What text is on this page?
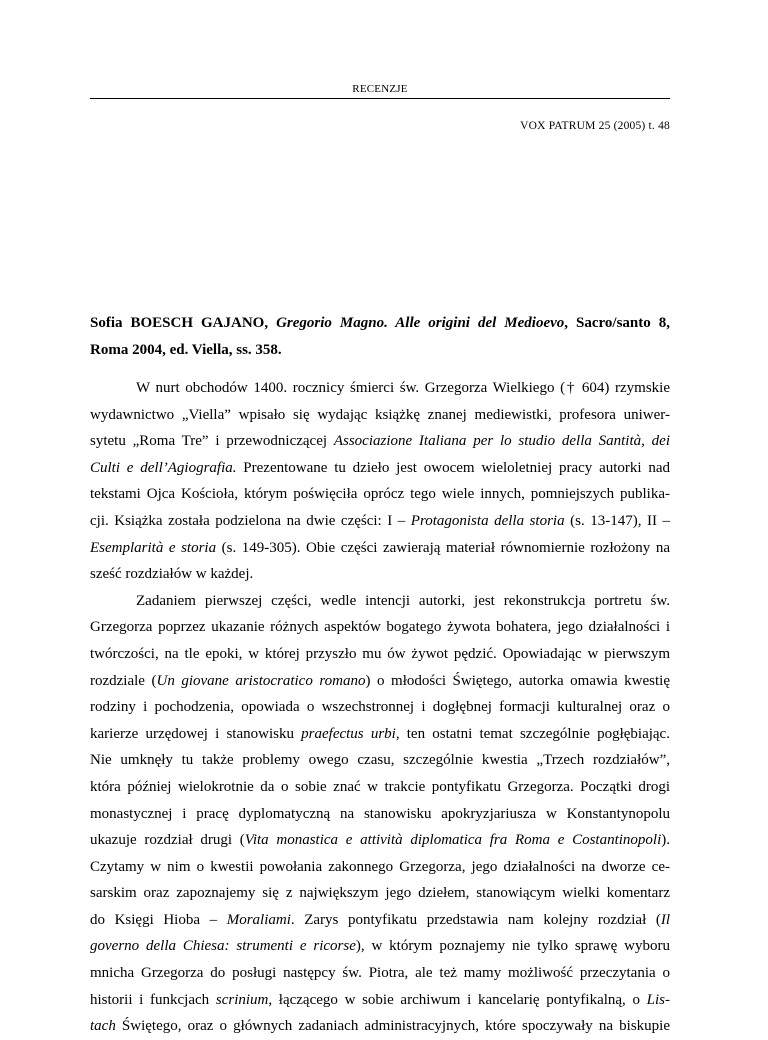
RECENZJE
VOX PATRUM 25 (2005) t. 48
Sofia BOESCH GAJANO, Gregorio Magno. Alle origini del Medioevo, Sacro/santo 8,
Roma 2004, ed. Viella, ss. 358.
W nurt obchodów 1400. rocznicy śmierci św. Grzegorza Wielkiego († 604) rzymskie
wydawnictwo „Viella” wpisało się wydając książkę znanej mediewistki, profesora uniwer-
sytetu „Roma Tre” i przewodniczącej Associazione Italiana per lo studio della Santità, dei
Culti e dell’Agiografia. Prezentowane tu dzieło jest owocem wieloletniej pracy autorki nad
tekstami Ojca Kościoła, którym poświęciła oprócz tego wiele innych, pomniejszych publika-
cji. Książka została podzielona na dwie części: I – Protagonista della storia (s. 13-147), II –
Esemplarità e storia (s. 149-305). Obie części zawierają materiał równomiernie rozłożony na
sześć rozdziałów w każdej.
Zadaniem pierwszej części, wedle intencji autorki, jest rekonstrukcja portretu św.
Grzegorza poprzez ukazanie różnych aspektów bogatego żywota bohatera, jego działalności i
twórczości, na tle epoki, w której przyszło mu ów żywot pędzić. Opowiadając w pierwszym
rozdziale (Un giovane aristocratico romano) o młodości Świętego, autorka omawia kwestię
rodziny i pochodzenia, opowiada o wszechstronnej i dogłębnej formacji kulturalnej oraz o
karierze urzędowej i stanowisku praefectus urbi, ten ostatni temat szczególnie pogłębiając.
Nie umknęły tu także problemy owego czasu, szczególnie kwestia „Trzech rozdziałów”,
która później wielokrotnie da o sobie znać w trakcie pontyfikatu Grzegorza. Początki drogi
monastycznej i pracę dyplomatyczną na stanowisku apokryzjariusza w Konstantynopolu
ukazuje rozdział drugi (Vita monastica e attività diplomatica fra Roma e Costantinopoli).
Czytamy w nim o kwestii powołania zakonnego Grzegorza, jego działalności na dworze ce-
sarskim oraz zapoznajemy się z największym jego dziełem, stanowiącym wielki komentarz
do Księgi Hioba – Moraliami. Zarys pontyfikatu przedstawia nam kolejny rozdział (Il
governo della Chiesa: strumenti e ricorse), w którym poznajemy nie tylko sprawę wyboru
mnicha Grzegorza do posługi następcy św. Piotra, ale też mamy możliwość przeczytania o
historii i funkcjach scrinium, łączącego w sobie archiwum i kancelarię pontyfikalną, o Lis-
tach Świętego, oraz o głównych zadaniach administracyjnych, które spoczywały na biskupie
